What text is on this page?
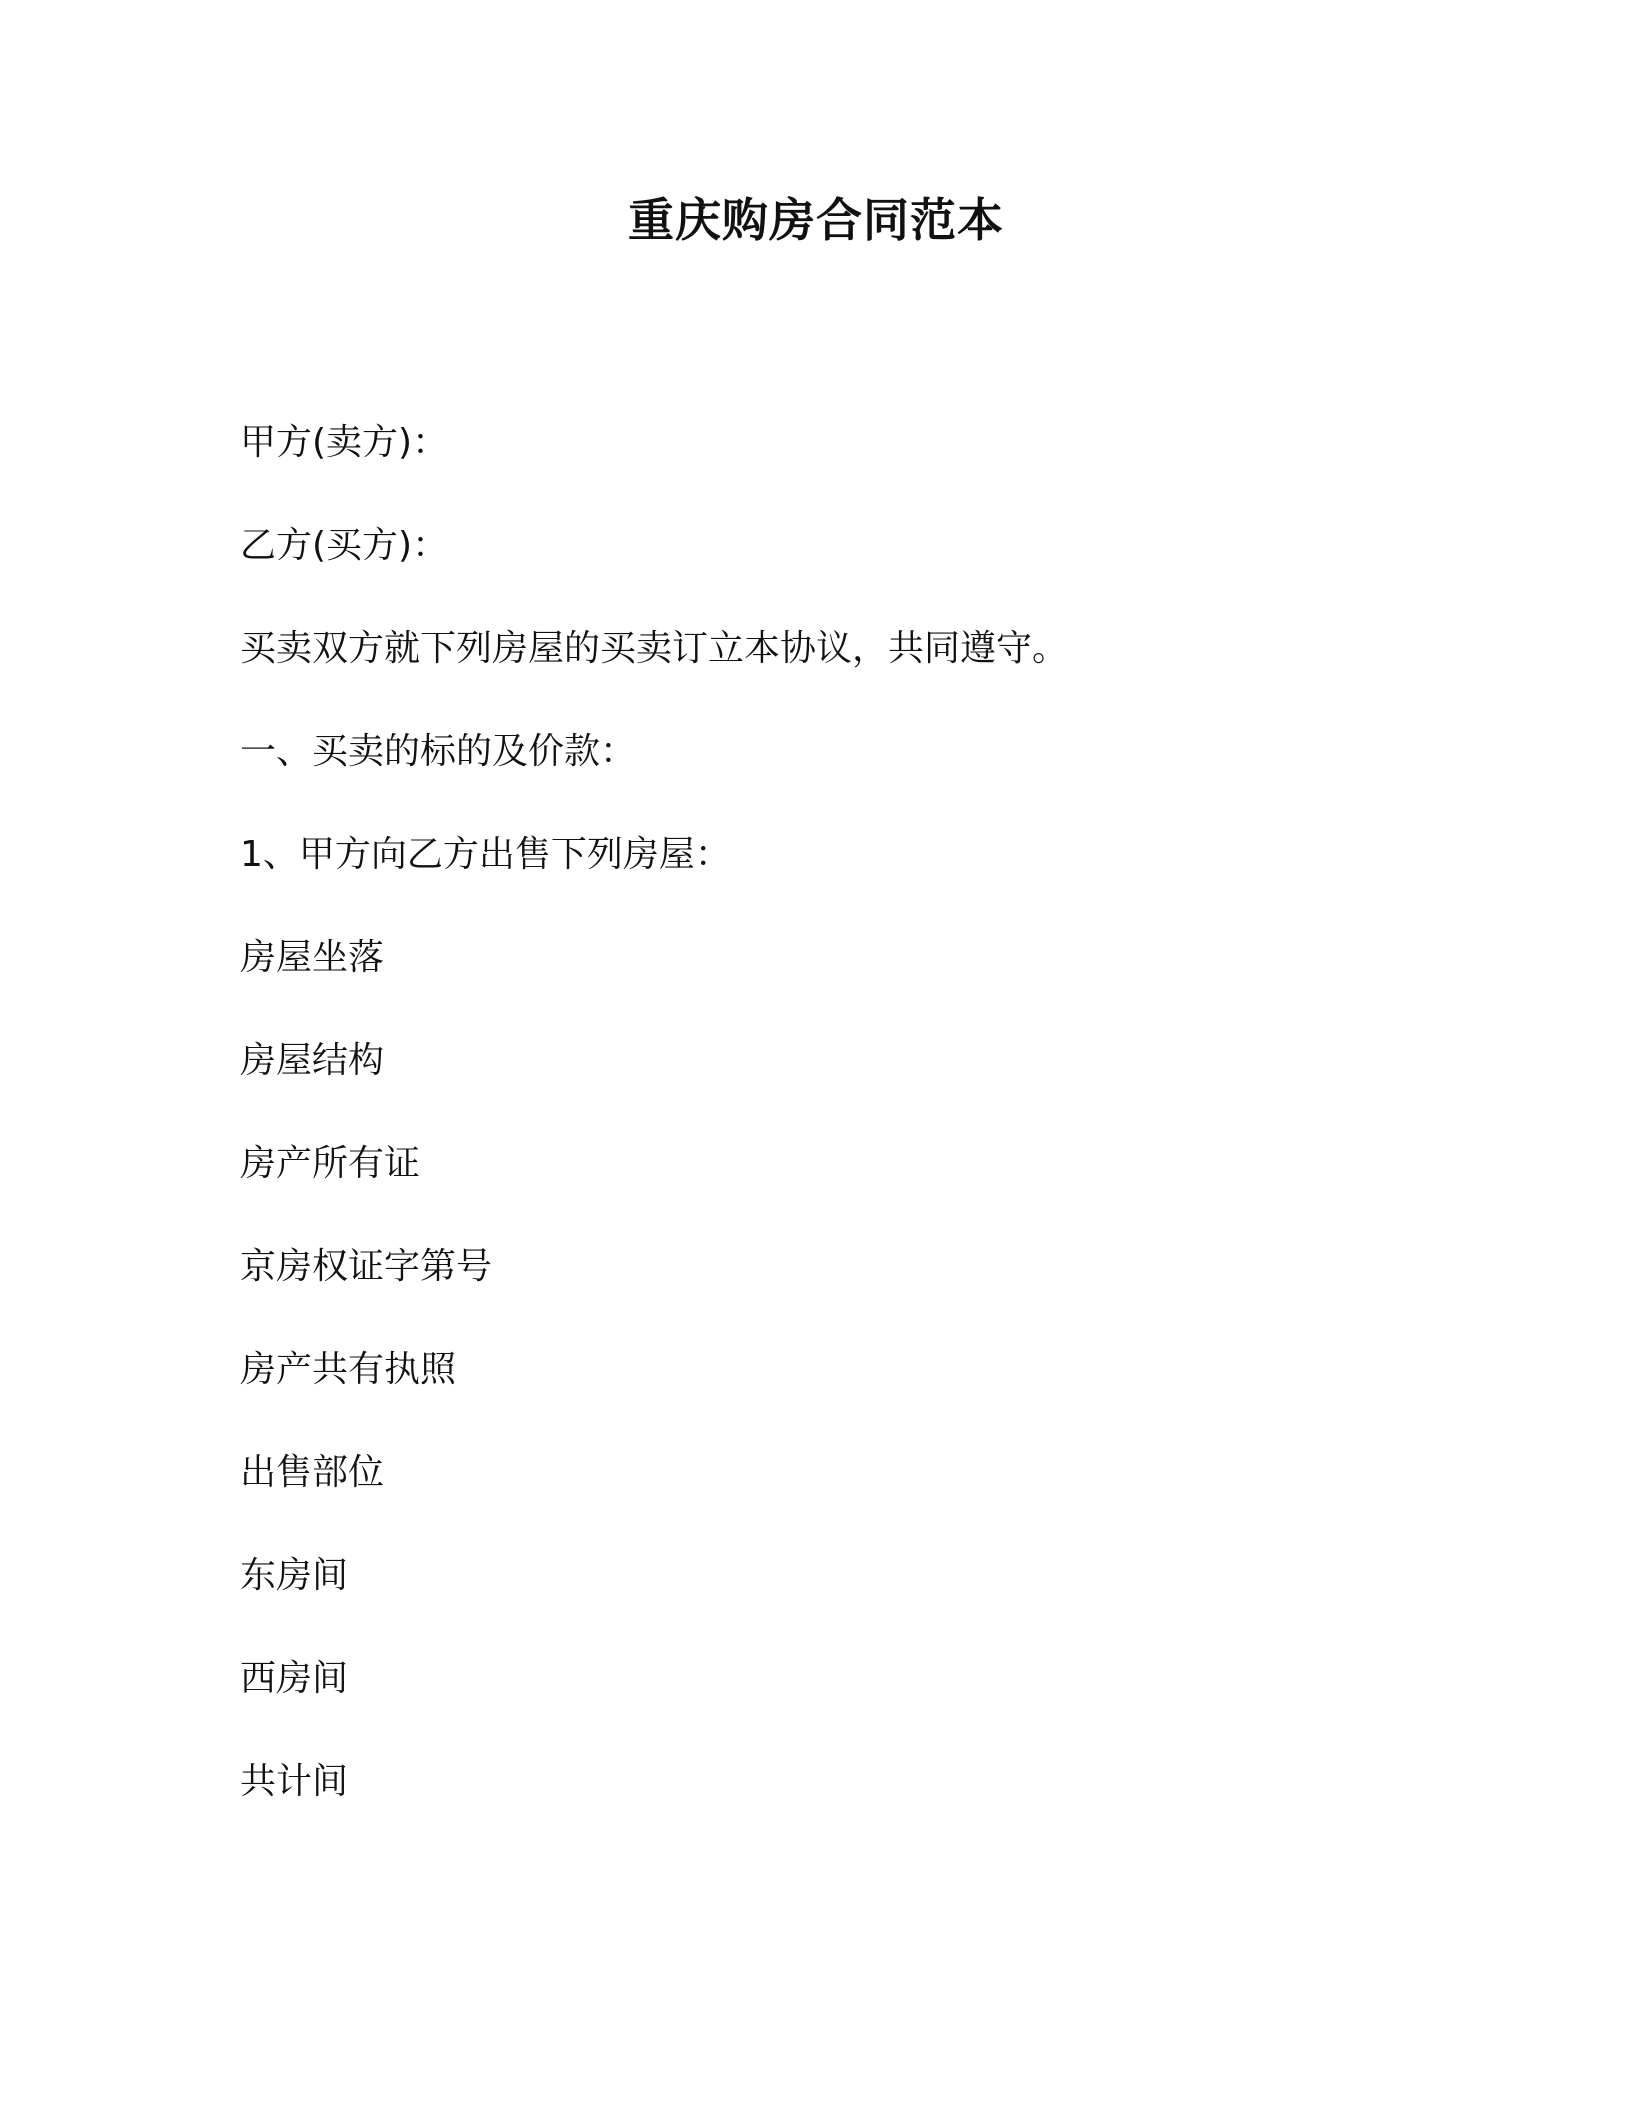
重庆购房合同范本
甲方(卖方)：
乙方(买方)：
买卖双方就下列房屋的买卖订立本协议，共同遵守。
一、买卖的标的及价款：
1、甲方向乙方出售下列房屋：
房屋坐落
房屋结构
房产所有证
京房权证字第号
房产共有执照
出售部位
东房间
西房间
共计间
